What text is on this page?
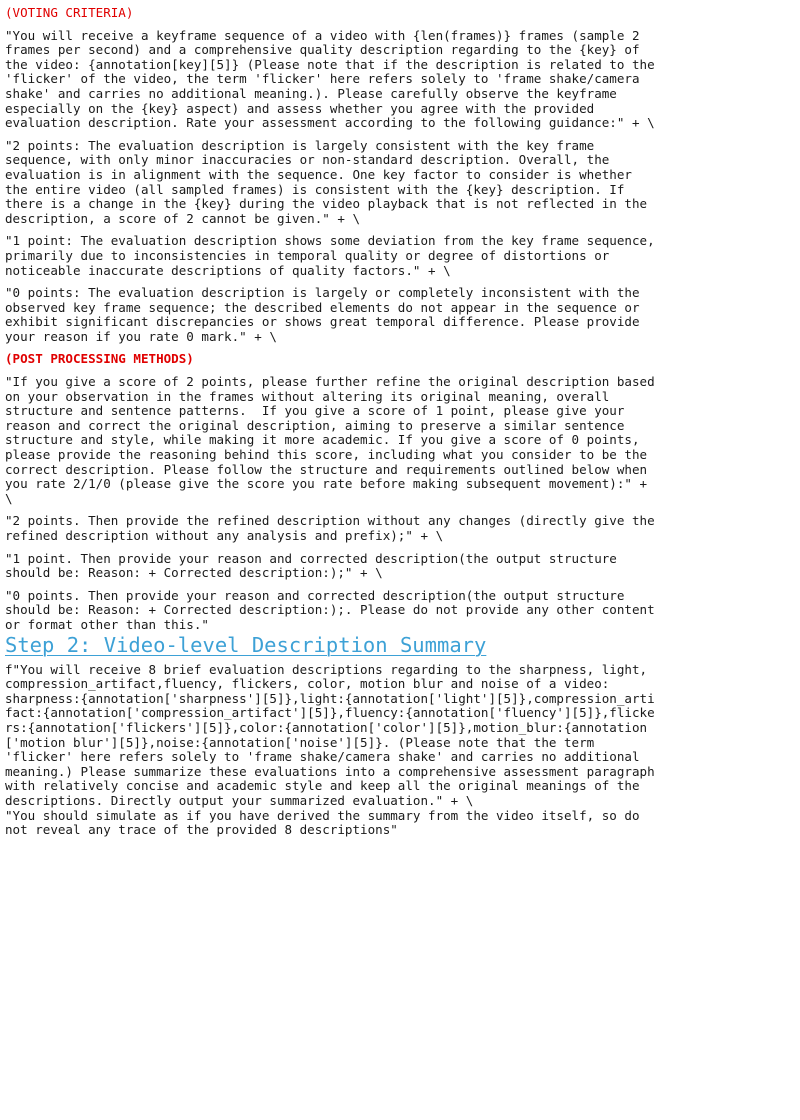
(VOTING CRITERIA)
"You will receive a keyframe sequence of a video with {len(frames)} frames (sample 2
frames per second) and a comprehensive quality description regarding to the {key} of
the video: {annotation[key][5]} (Please note that if the description is related to the
'flicker' of the video, the term 'flicker' here refers solely to 'frame shake/camera
shake' and carries no additional meaning.). Please carefully observe the keyframe
especially on the {key} aspect) and assess whether you agree with the provided
evaluation description. Rate your assessment according to the following guidance:" + \
"2 points: The evaluation description is largely consistent with the key frame
sequence, with only minor inaccuracies or non-standard description. Overall, the
evaluation is in alignment with the sequence. One key factor to consider is whether
the entire video (all sampled frames) is consistent with the {key} description. If
there is a change in the {key} during the video playback that is not reflected in the
description, a score of 2 cannot be given." + \
"1 point: The evaluation description shows some deviation from the key frame sequence,
primarily due to inconsistencies in temporal quality or degree of distortions or
noticeable inaccurate descriptions of quality factors." + \
"0 points: The evaluation description is largely or completely inconsistent with the
observed key frame sequence; the described elements do not appear in the sequence or
exhibit significant discrepancies or shows great temporal difference. Please provide
your reason if you rate 0 mark." + \
(POST PROCESSING METHODS)
"If you give a score of 2 points, please further refine the original description based
on your observation in the frames without altering its original meaning, overall
structure and sentence patterns.  If you give a score of 1 point, please give your
reason and correct the original description, aiming to preserve a similar sentence
structure and style, while making it more academic. If you give a score of 0 points,
please provide the reasoning behind this score, including what you consider to be the
correct description. Please follow the structure and requirements outlined below when
you rate 2/1/0 (please give the score you rate before making subsequent movement):" +
\
"2 points. Then provide the refined description without any changes (directly give the
refined description without any analysis and prefix);" + \
"1 point. Then provide your reason and corrected description(the output structure
should be: Reason: + Corrected description:);" + \
"0 points. Then provide your reason and corrected description(the output structure
should be: Reason: + Corrected description:);. Please do not provide any other content
or format other than this."
Step 2: Video-level Description Summary
f"You will receive 8 brief evaluation descriptions regarding to the sharpness, light,
compression_artifact,fluency, flickers, color, motion blur and noise of a video:
sharpness:{annotation['sharpness'][5]},light:{annotation['light'][5]},compression_arti
fact:{annotation['compression_artifact'][5]},fluency:{annotation['fluency'][5]},flicke
rs:{annotation['flickers'][5]},color:{annotation['color'][5]},motion_blur:{annotation
['motion blur'][5]},noise:{annotation['noise'][5]}. (Please note that the term
'flicker' here refers solely to 'frame shake/camera shake' and carries no additional
meaning.) Please summarize these evaluations into a comprehensive assessment paragraph
with relatively concise and academic style and keep all the original meanings of the
descriptions. Directly output your summarized evaluation." + \
"You should simulate as if you have derived the summary from the video itself, so do
not reveal any trace of the provided 8 descriptions"
